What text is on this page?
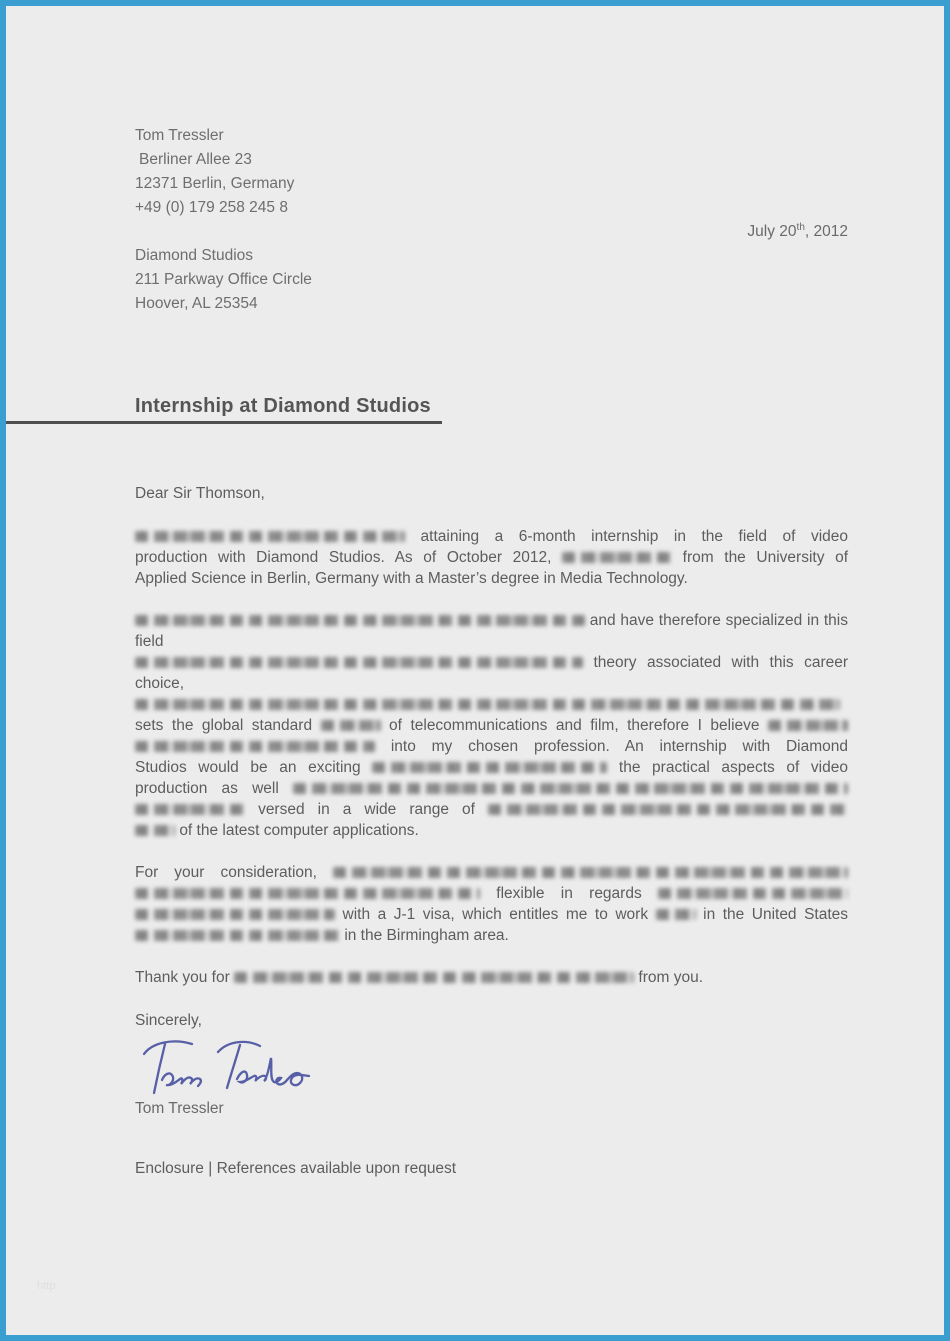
Tom Tressler
Berliner Allee 23
12371 Berlin, Germany
+49 (0) 179 258 245 8
July 20th, 2012
Diamond Studios
211 Parkway Office Circle
Hoover, AL 25354
Internship at Diamond Studios
Dear Sir Thomson,
attaining a 6-month internship in the field of video
production with Diamond Studios. As of October 2012,	from the University of
Applied Science in Berlin, Germany with a Master’s degree in Media Technology.
and have therefore specialized in this field
theory associated with this career choice,
sets the global standard	of telecommunications and film, therefore I believe
into my chosen profession. An internship with Diamond
Studios would be an exciting	the practical aspects of video
production as well
versed in a wide range of
of the latest computer applications.
For your consideration,
flexible in regards
with a J-1 visa, which entitles me to work	in the United States
in the Birmingham area.
Thank you for	from you.
Sincerely,
Tom Tressler
Enclosure | References available upon request
http
